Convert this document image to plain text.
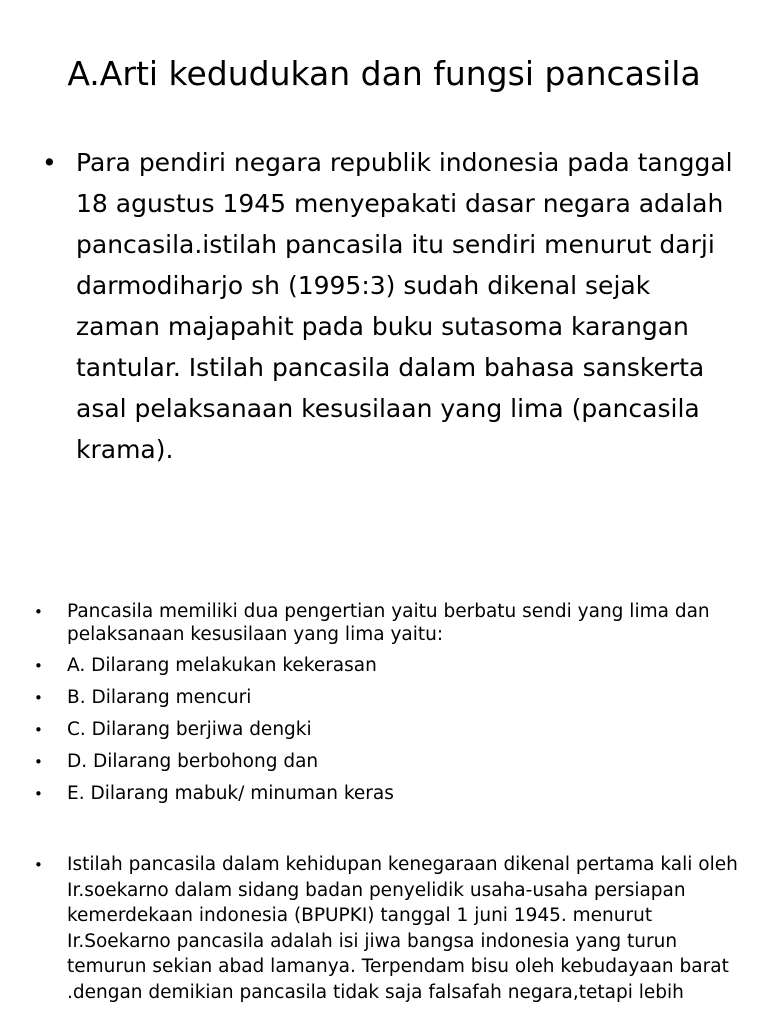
A.Arti kedudukan dan fungsi pancasila
• Para pendiri negara republik indonesia pada tanggal 18 agustus 1945 menyepakati dasar negara adalah pancasila.istilah pancasila itu sendiri menurut darji darmodiharjo sh (1995:3) sudah dikenal sejak zaman majapahit pada buku sutasoma karangan tantular. Istilah pancasila dalam bahasa sanskerta asal pelaksanaan kesusilaan yang lima (pancasila krama).
• Pancasila memiliki dua pengertian yaitu berbatu sendi yang lima dan pelaksanaan kesusilaan yang lima yaitu:
• A. Dilarang melakukan kekerasan
• B. Dilarang mencuri
• C. Dilarang berjiwa dengki
• D. Dilarang berbohong dan
• E. Dilarang mabuk/ minuman keras
• Istilah pancasila dalam kehidupan kenegaraan dikenal pertama kali oleh Ir.soekarno dalam sidang badan penyelidik usaha-usaha persiapan kemerdekaan indonesia (BPUPKI) tanggal 1 juni 1945. menurut Ir.Soekarno pancasila adalah isi jiwa bangsa indonesia yang turun temurun sekian abad lamanya. Terpendam bisu oleh kebudayaan barat .dengan demikian pancasila tidak saja falsafah negara,tetapi lebih
